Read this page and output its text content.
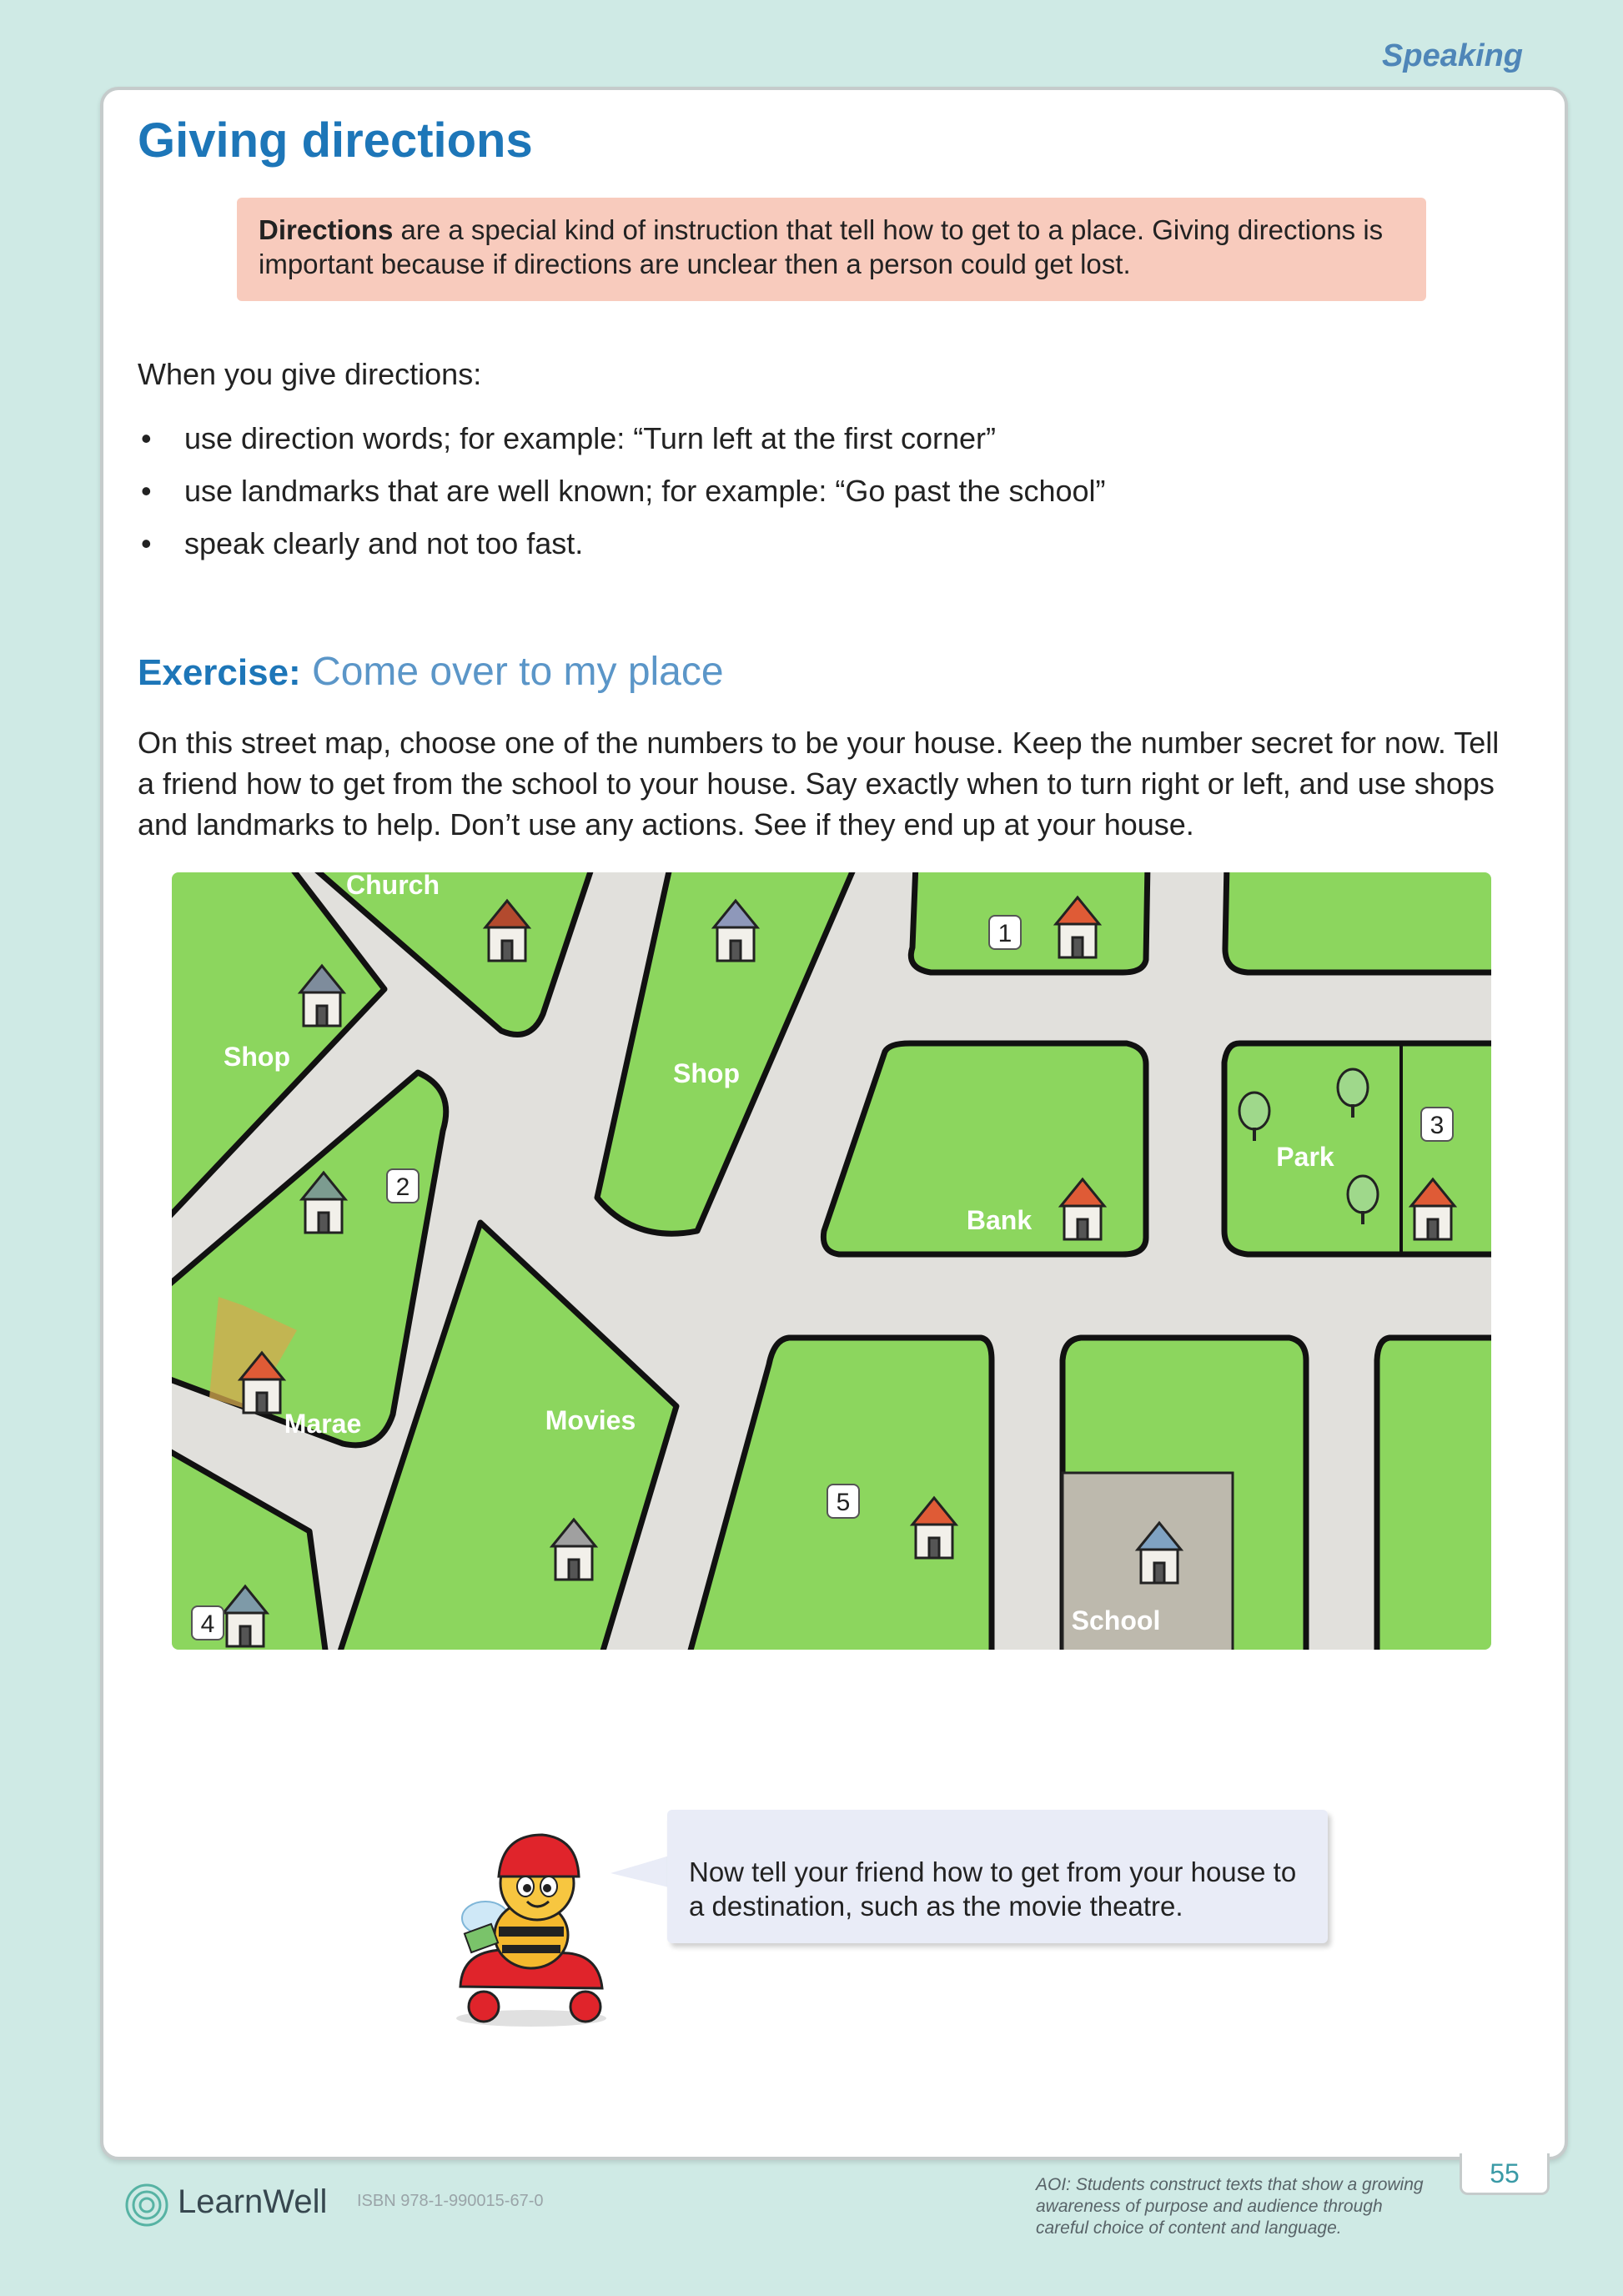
Speaking
Giving directions
Directions are a special kind of instruction that tell how to get to a place. Giving directions is important because if directions are unclear then a person could get lost.
When you give directions:
• use direction words; for example: “Turn left at the first corner”
• use landmarks that are well known; for example: “Go past the school”
• speak clearly and not too fast.
Exercise: Come over to my place
On this street map, choose one of the numbers to be your house. Keep the number secret for now. Tell a friend how to get from the school to your house. Say exactly when to turn right or left, and use shops and landmarks to help. Don’t use any actions. See if they end up at your house.
Church
Shop
Shop
Park
Bank
Marae	Movies
School
1
2
3
4
5
Now tell your friend how to get from your house to a destination, such as the movie theatre.
LearnWell ISBN 978-1-990015-67-0
AOI: Students construct texts that show a growing awareness of purpose and audience through careful choice of content and language.
55
